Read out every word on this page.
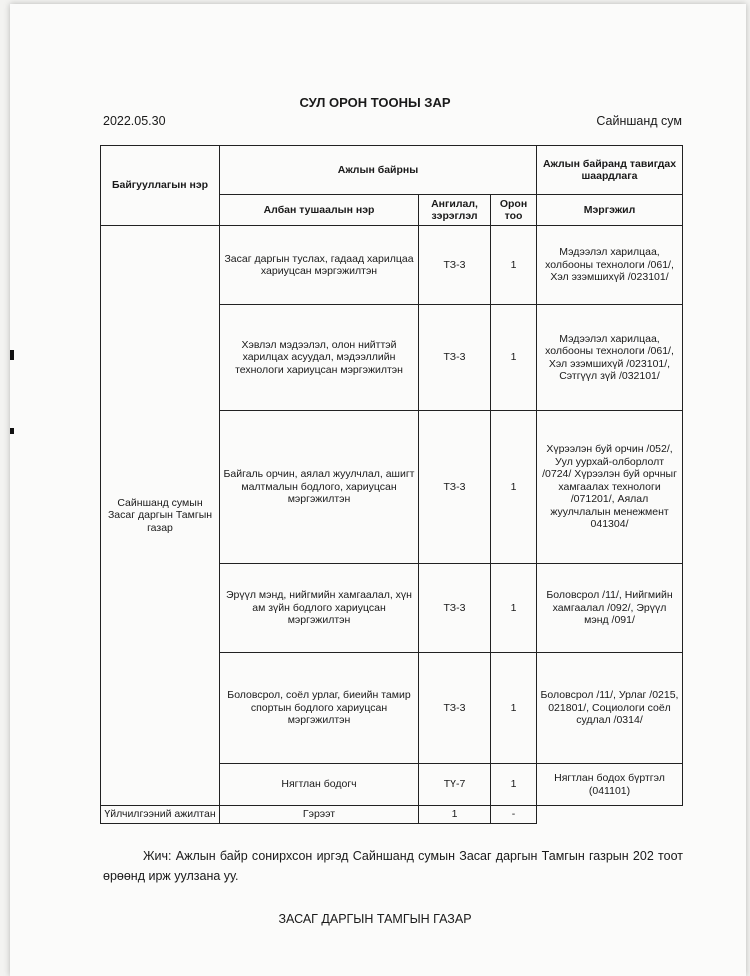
СУЛ ОРОН ТООНЫ ЗАР
2022.05.30	Сайншанд сум
Байгууллагын нэр	Ажлын байрны			Ажлын байранд тавигдах шаардлага
	Албан тушаалын нэр	Ангилал, зэрэглэл	Орон тоо	Мэргэжил
Сайншанд сумын Засаг даргын Тамгын газар	Засаг даргын туслах, гадаад харилцаа хариуцсан мэргэжилтэн	ТЗ-3	1	Мэдээлэл харилцаа, холбооны технологи /061/, Хэл эзэмшихүй /023101/
	Хэвлэл мэдээлэл, олон нийттэй харилцах асуудал, мэдээллийн технологи хариуцсан мэргэжилтэн	ТЗ-3	1	Мэдээлэл харилцаа, холбооны технологи /061/, Хэл эзэмшихүй /023101/, Сэтгүүл зүй /032101/
	Байгаль орчин, аялал жуулчлал, ашигт малтмалын бодлого, хариуцсан мэргэжилтэн	ТЗ-3	1	Хүрээлэн буй орчин /052/, Уул уурхай-олборлолт /0724/ Хүрээлэн буй орчныг хамгаалах технологи /071201/, Аялал жуулчлалын менежмент 041304/
	Эрүүл мэнд, нийгмийн хамгаалал, хүн ам зүйн бодлого хариуцсан мэргэжилтэн	ТЗ-3	1	Боловсрол /11/, Нийгмийн хамгаалал /092/, Эрүүл мэнд /091/
	Боловсрол, соёл урлаг, биеийн тамир спортын бодлого хариуцсан мэргэжилтэн	ТЗ-3	1	Боловсрол /11/, Урлаг /0215, 021801/, Социологи соёл судлал /0314/
	Нягтлан бодогч	ТҮ-7	1	Нягтлан бодох бүртгэл (041101)
Үйлчилгээний ажилтан	Гэрээт	1	-	
Жич: Ажлын байр сонирхсон иргэд Сайншанд сумын Засаг даргын Тамгын газрын 202 тоот өрөөнд ирж уулзана уу.
ЗАСАГ ДАРГЫН ТАМГЫН ГАЗАР
